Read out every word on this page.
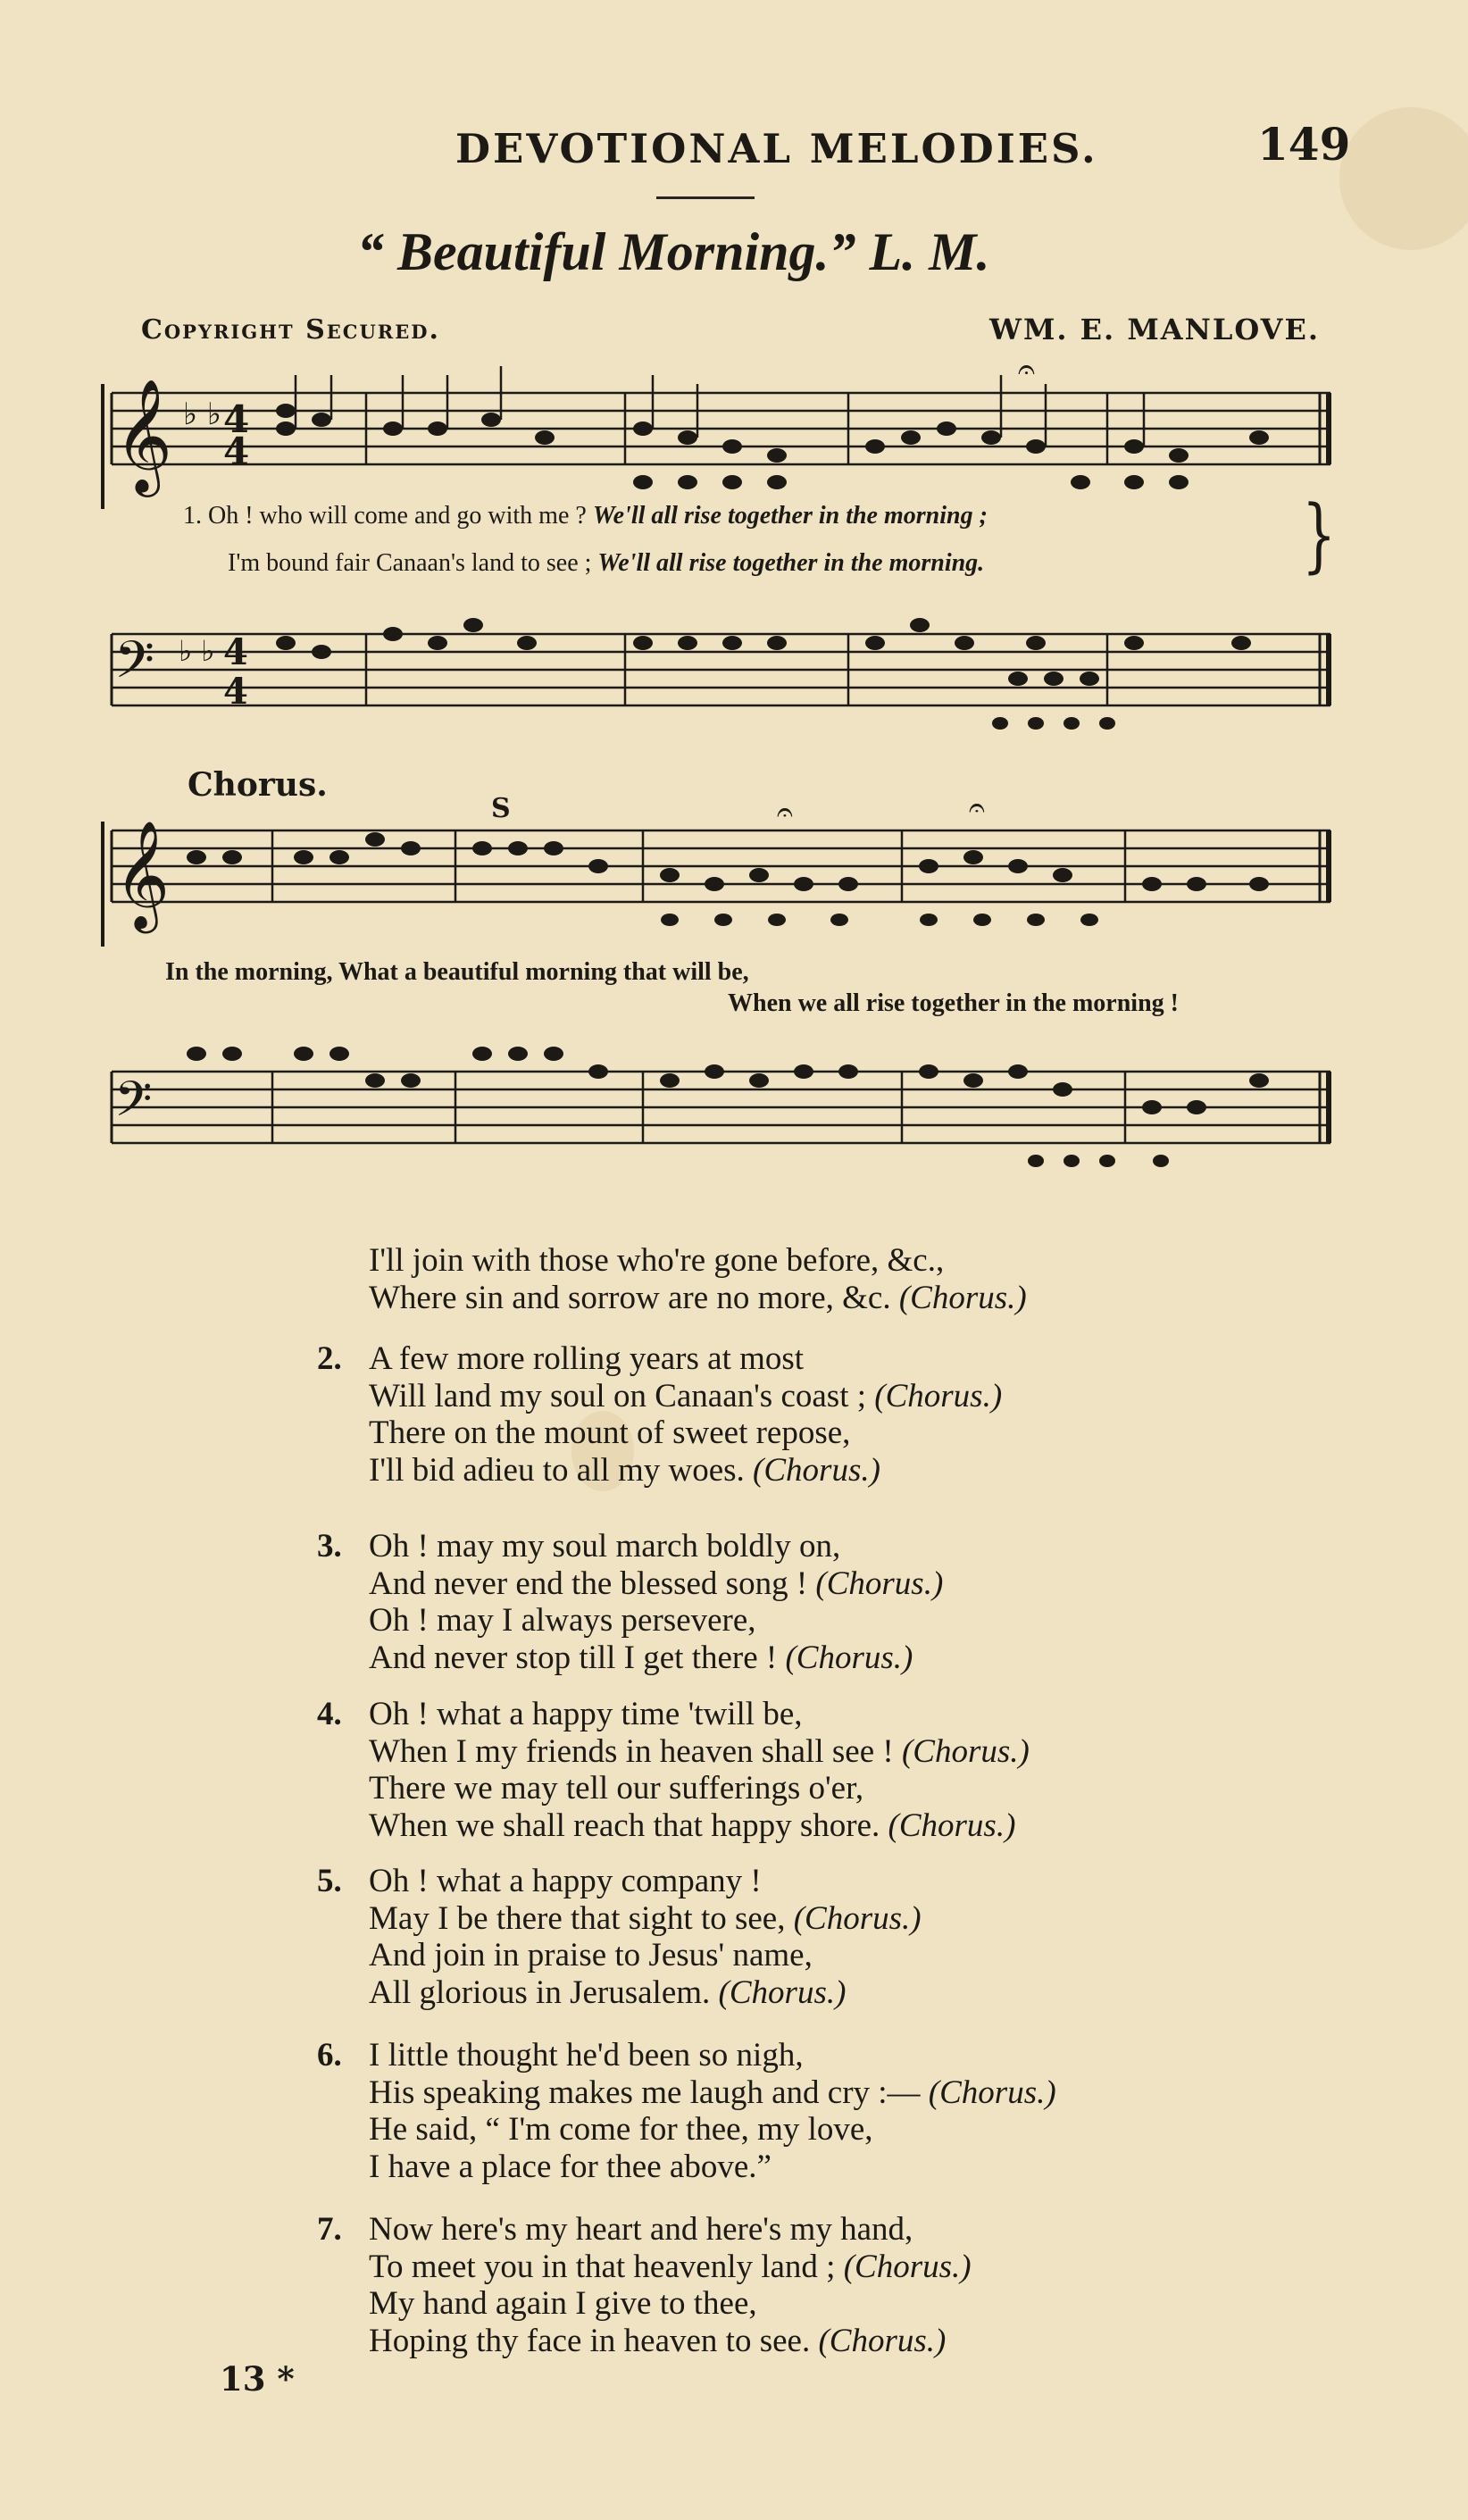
DEVOTIONAL MELODIES.	149
“ Beautiful Morning.” L. M.
Copyright Secured.	WM. E. MANLOVE.
𝄞 ♭ ♭ 4
4
𝄐
1. Oh ! who will come and go with me ? We'll all rise together in the morning ;
I'm bound fair Canaan's land to see ; We'll all rise together in the morning.	}
𝄢 ♭ ♭ 4
4
Chorus.
𝄞
S	𝄐	𝄐
In the morning, What a beautiful morning that will be,
When we all rise together in the morning !
𝄢
I'll join with those who're gone before, &c.,
Where sin and sorrow are no more, &c. (Chorus.)
2. A few more rolling years at most
Will land my soul on Canaan's coast ; (Chorus.)
There on the mount of sweet repose,
I'll bid adieu to all my woes. (Chorus.)
3. Oh ! may my soul march boldly on,
And never end the blessed song ! (Chorus.)
Oh ! may I always persevere,
And never stop till I get there ! (Chorus.)
4. Oh ! what a happy time 'twill be,
When I my friends in heaven shall see ! (Chorus.)
There we may tell our sufferings o'er,
When we shall reach that happy shore. (Chorus.)
5. Oh ! what a happy company !
May I be there that sight to see, (Chorus.)
And join in praise to Jesus' name,
All glorious in Jerusalem. (Chorus.)
6. I little thought he'd been so nigh,
His speaking makes me laugh and cry :— (Chorus.)
He said, “ I'm come for thee, my love,
I have a place for thee above.”
7. Now here's my heart and here's my hand,
To meet you in that heavenly land ; (Chorus.)
My hand again I give to thee,
Hoping thy face in heaven to see. (Chorus.)
13 *
